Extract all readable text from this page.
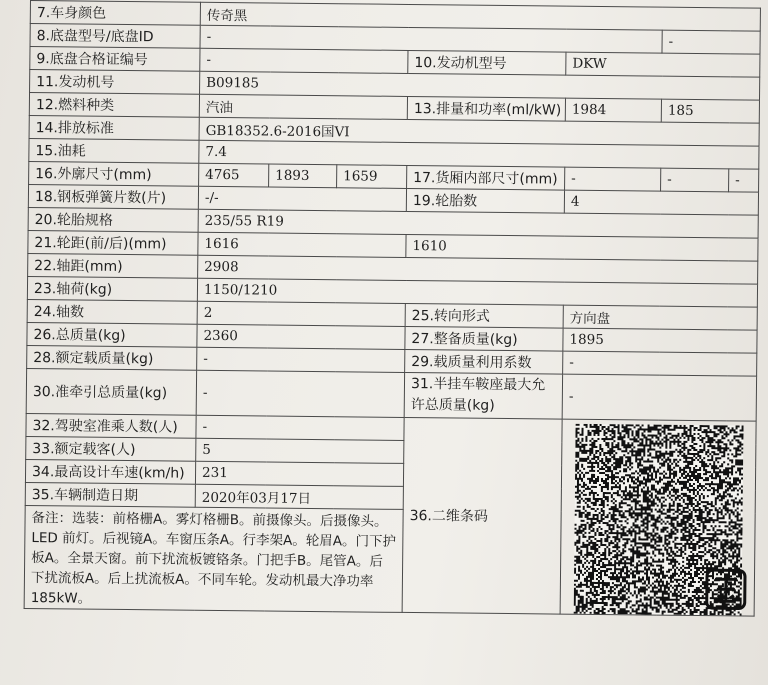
7.车身颜色	传奇黑						
8.底盘型号/底盘ID	-					-	
9.底盘合格证编号	-			10.发动机型号	DKW		
11.发动机号	B09185						
12.燃料种类	汽油			13.排量和功率(ml/kW)	1984	185	
14.排放标准	GB18352.6-2016国VI						
15.油耗	7.4						
16.外廓尺寸(mm)	4765	1893	1659	17.货厢内部尺寸(mm)	-	-	-
18.钢板弹簧片数(片)	-/-			19.轮胎数	4		
20.轮胎规格	235/55 R19						
21.轮距(前/后)(mm)	1616			1610			
22.轴距(mm)	2908						
23.轴荷(kg)	1150/1210						
24.轴数	2			25.转向形式	方向盘		
26.总质量(kg)	2360			27.整备质量(kg)	1895		
28.额定载质量(kg)	-			29.载质量利用系数	-		
30.准牵引总质量(kg)	-			31.半挂车鞍座最大允许总质量(kg)	-		
32.驾驶室准乘人数(人)	-			36.二维条码	

33.额定载客(人)	5						
34.最高设计车速(km/h)	231						
35.车辆制造日期	2020年03月17日						
备注：选装：前格栅A。雾灯格栅B。前摄像头。后摄像头。LED 前灯。后视镜A。车窗压条A。行李架A。轮眉A。门下护板A。全景天窗。前下扰流板镀铬条。门把手B。尾管A。后下扰流板A。后上扰流板A。不同车轮。发动机最大净功率185kW。							
